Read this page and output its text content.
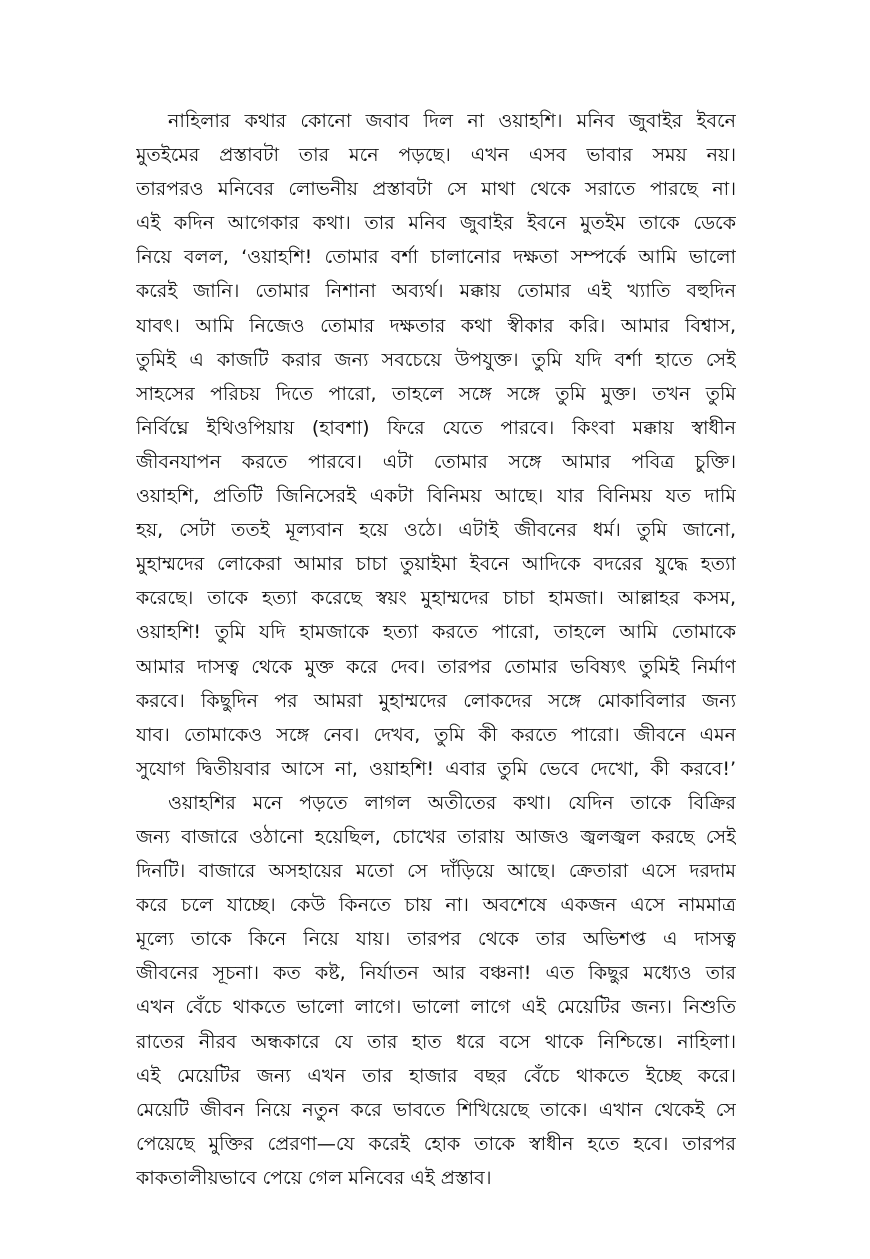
নাহিলার কথার কোনো জবাব দিল না ওয়াহশি। মনিব জুবাইর ইবনে
মুতইমের প্রস্তাবটা তার মনে পড়ছে। এখন এসব ভাবার সময় নয়।
তারপরও মনিবের লোভনীয় প্রস্তাবটা সে মাথা থেকে সরাতে পারছে না।
এই কদিন আগেকার কথা। তার মনিব জুবাইর ইবনে মুতইম তাকে ডেকে
নিয়ে বলল, ‘ওয়াহশি! তোমার বর্শা চালানোর দক্ষতা সম্পর্কে আমি ভালো
করেই জানি। তোমার নিশানা অব্যর্থ। মক্কায় তোমার এই খ্যাতি বহুদিন
যাবৎ। আমি নিজেও তোমার দক্ষতার কথা স্বীকার করি। আমার বিশ্বাস,
তুমিই এ কাজটি করার জন্য সবচেয়ে উপযুক্ত। তুমি যদি বর্শা হাতে সেই
সাহসের পরিচয় দিতে পারো, তাহলে সঙ্গে সঙ্গে তুমি মুক্ত। তখন তুমি
নির্বিঘ্নে ইথিওপিয়ায় (হাবশা) ফিরে যেতে পারবে। কিংবা মক্কায় স্বাধীন
জীবনযাপন করতে পারবে। এটা তোমার সঙ্গে আমার পবিত্র চুক্তি।
ওয়াহশি, প্রতিটি জিনিসেরই একটা বিনিময় আছে। যার বিনিময় যত দামি
হয়, সেটা ততই মূল্যবান হয়ে ওঠে। এটাই জীবনের ধর্ম। তুমি জানো,
মুহাম্মদের লোকেরা আমার চাচা তুয়াইমা ইবনে আদিকে বদরের যুদ্ধে হত্যা
করেছে। তাকে হত্যা করেছে স্বয়ং মুহাম্মদের চাচা হামজা। আল্লাহর কসম,
ওয়াহশি! তুমি যদি হামজাকে হত্যা করতে পারো, তাহলে আমি তোমাকে
আমার দাসত্ব থেকে মুক্ত করে দেব। তারপর তোমার ভবিষ্যৎ তুমিই নির্মাণ
করবে। কিছুদিন পর আমরা মুহাম্মদের লোকদের সঙ্গে মোকাবিলার জন্য
যাব। তোমাকেও সঙ্গে নেব। দেখব, তুমি কী করতে পারো। জীবনে এমন
সুযোগ দ্বিতীয়বার আসে না, ওয়াহশি! এবার তুমি ভেবে দেখো, কী করবে!’
ওয়াহশির মনে পড়তে লাগল অতীতের কথা। যেদিন তাকে বিক্রির
জন্য বাজারে ওঠানো হয়েছিল, চোখের তারায় আজও জ্বলজ্বল করছে সেই
দিনটি। বাজারে অসহায়ের মতো সে দাঁড়িয়ে আছে। ক্রেতারা এসে দরদাম
করে চলে যাচ্ছে। কেউ কিনতে চায় না। অবশেষে একজন এসে নামমাত্র
মূল্যে তাকে কিনে নিয়ে যায়। তারপর থেকে তার অভিশপ্ত এ দাসত্ব
জীবনের সূচনা। কত কষ্ট, নির্যাতন আর বঞ্চনা! এত কিছুর মধ্যেও তার
এখন বেঁচে থাকতে ভালো লাগে। ভালো লাগে এই মেয়েটির জন্য। নিশুতি
রাতের নীরব অন্ধকারে যে তার হাত ধরে বসে থাকে নিশ্চিন্তে। নাহিলা।
এই মেয়েটির জন্য এখন তার হাজার বছর বেঁচে থাকতে ইচ্ছে করে।
মেয়েটি জীবন নিয়ে নতুন করে ভাবতে শিখিয়েছে তাকে। এখান থেকেই সে
পেয়েছে মুক্তির প্রেরণা—যে করেই হোক তাকে স্বাধীন হতে হবে। তারপর
কাকতালীয়ভাবে পেয়ে গেল মনিবের এই প্রস্তাব।
